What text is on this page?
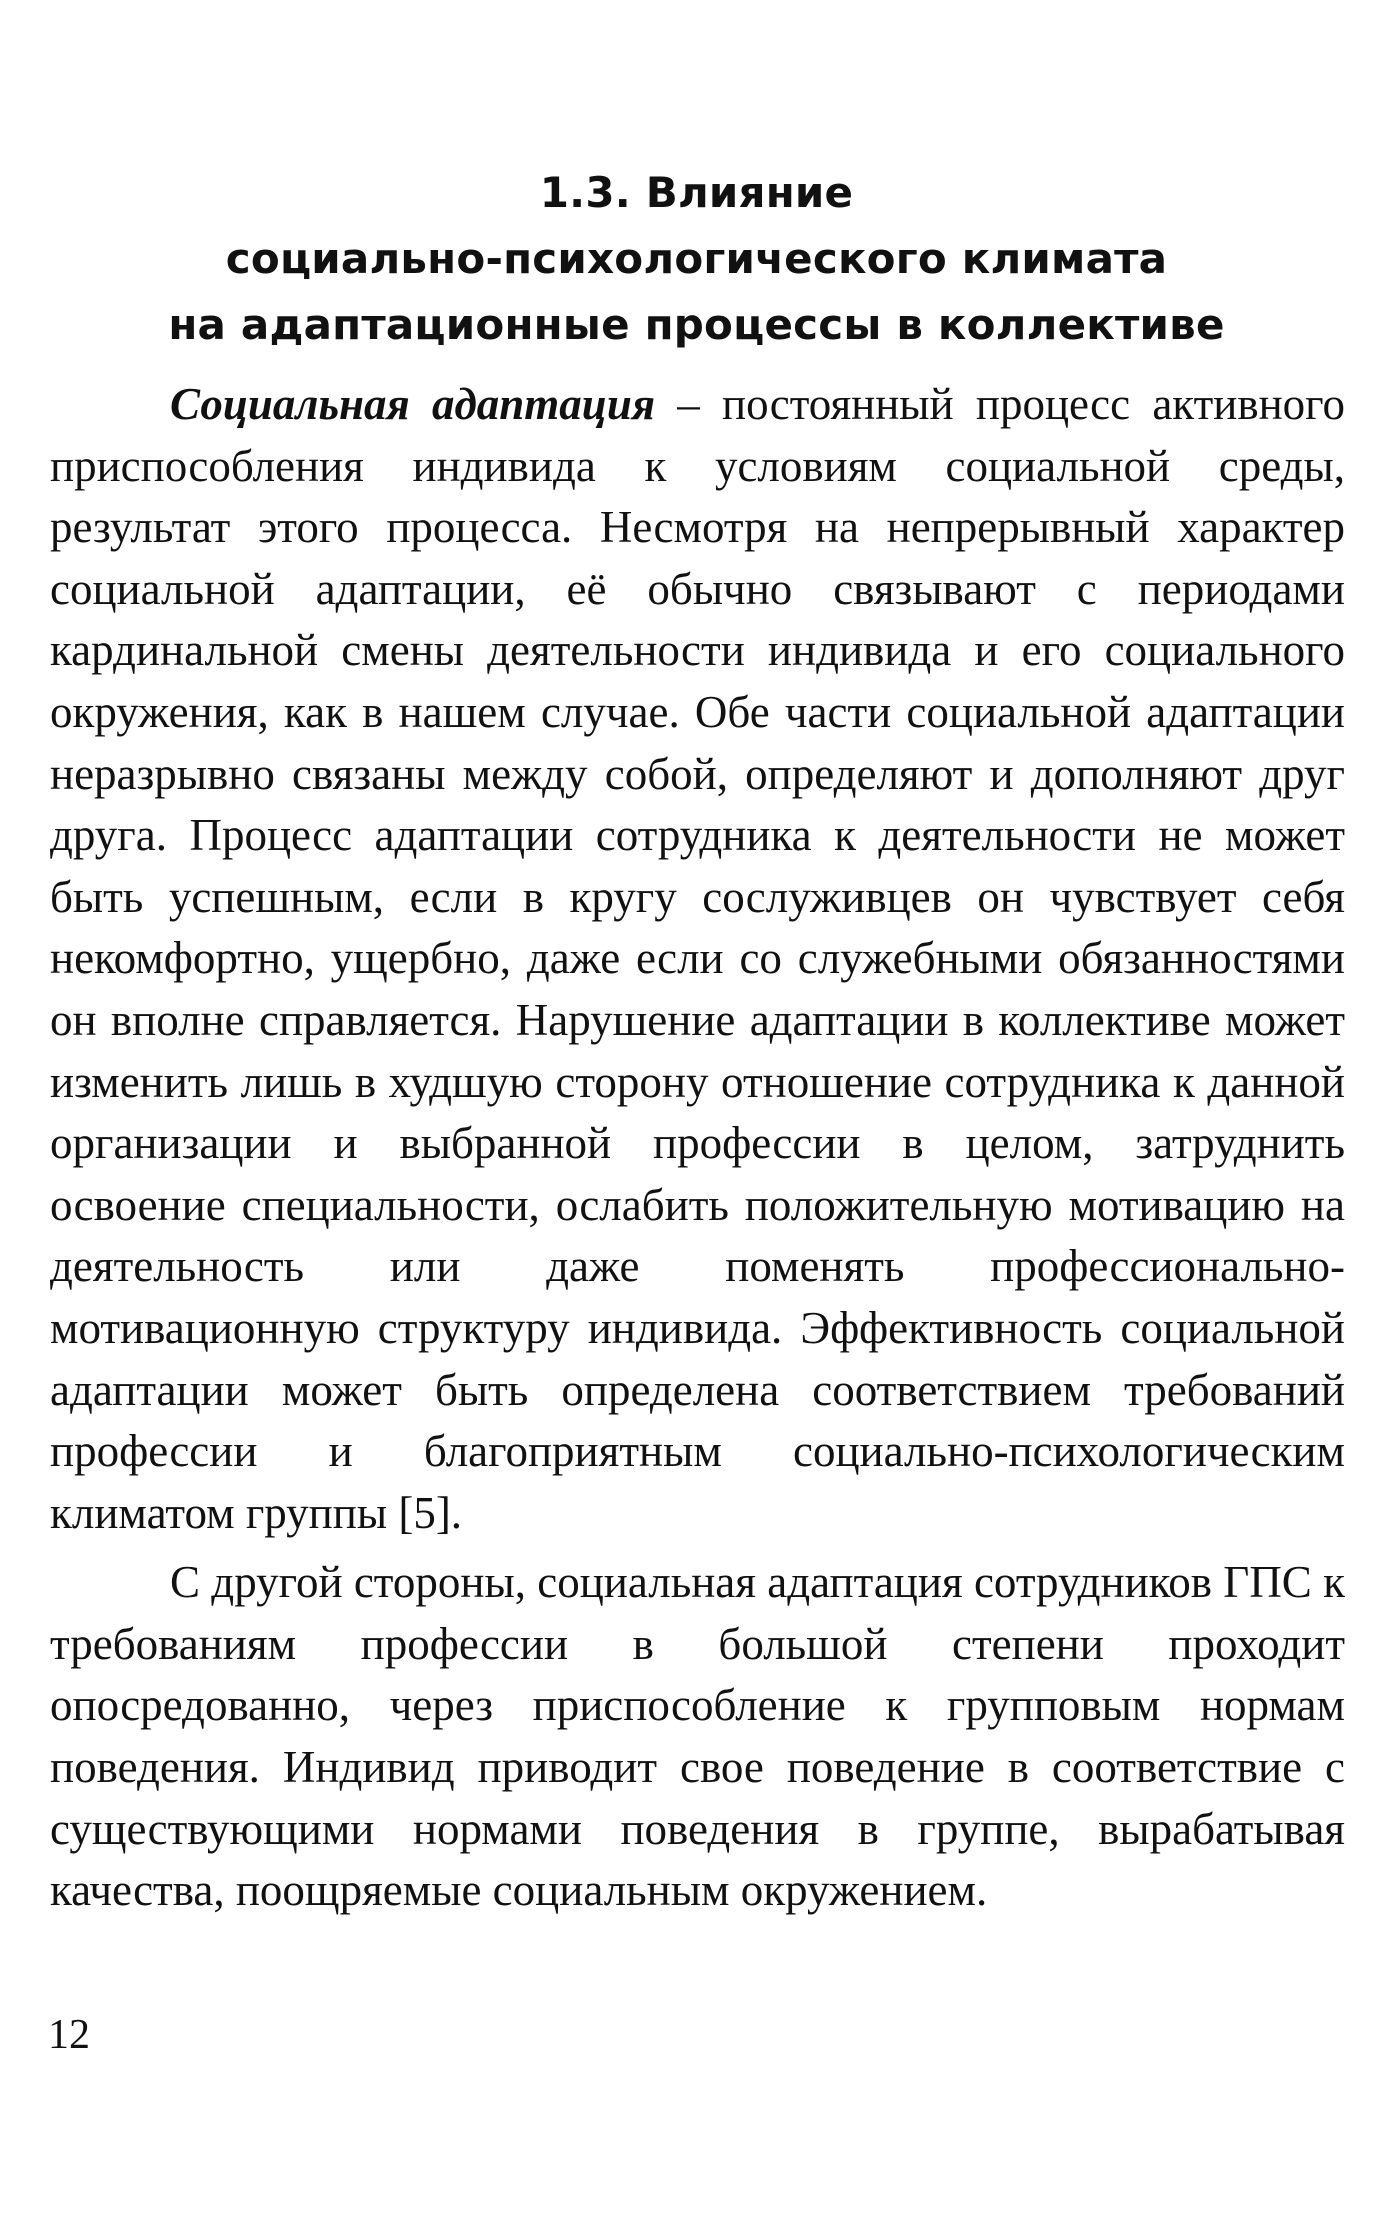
1.3. Влияние
социально-психологического климата
на адаптационные процессы в коллективе

Социальная адаптация – постоянный процесс активного приспособления индивида к условиям социальной среды, результат этого процесса. Несмотря на непрерывный характер социальной адаптации, её обычно связывают с периодами кардинальной смены деятельности индивида и его социального окружения, как в нашем случае. Обе части социальной адаптации неразрывно связаны между собой, определяют и дополняют друг друга. Процесс адаптации сотрудника к деятельности не может быть успешным, если в кругу сослуживцев он чувствует себя некомфортно, ущербно, даже если со служебными обязанностями он вполне справляется. Нарушение адаптации в коллективе может изменить лишь в худшую сторону отношение сотрудника к данной организации и выбранной профессии в целом, затруднить освоение специальности, ослабить положительную мотивацию на деятельность или даже поменять профессионально-мотивационную структуру индивида. Эффективность социальной адаптации может быть определена соответствием требований профессии и благоприятным социально-психологическим климатом группы [5].

С другой стороны, социальная адаптация сотрудников ГПС к требованиям профессии в большой степени проходит опосредованно, через приспособление к групповым нормам поведения. Индивид приводит свое поведение в соответствие с существующими нормами поведения в группе, вырабатывая качества, поощряемые социальным окружением.

12
